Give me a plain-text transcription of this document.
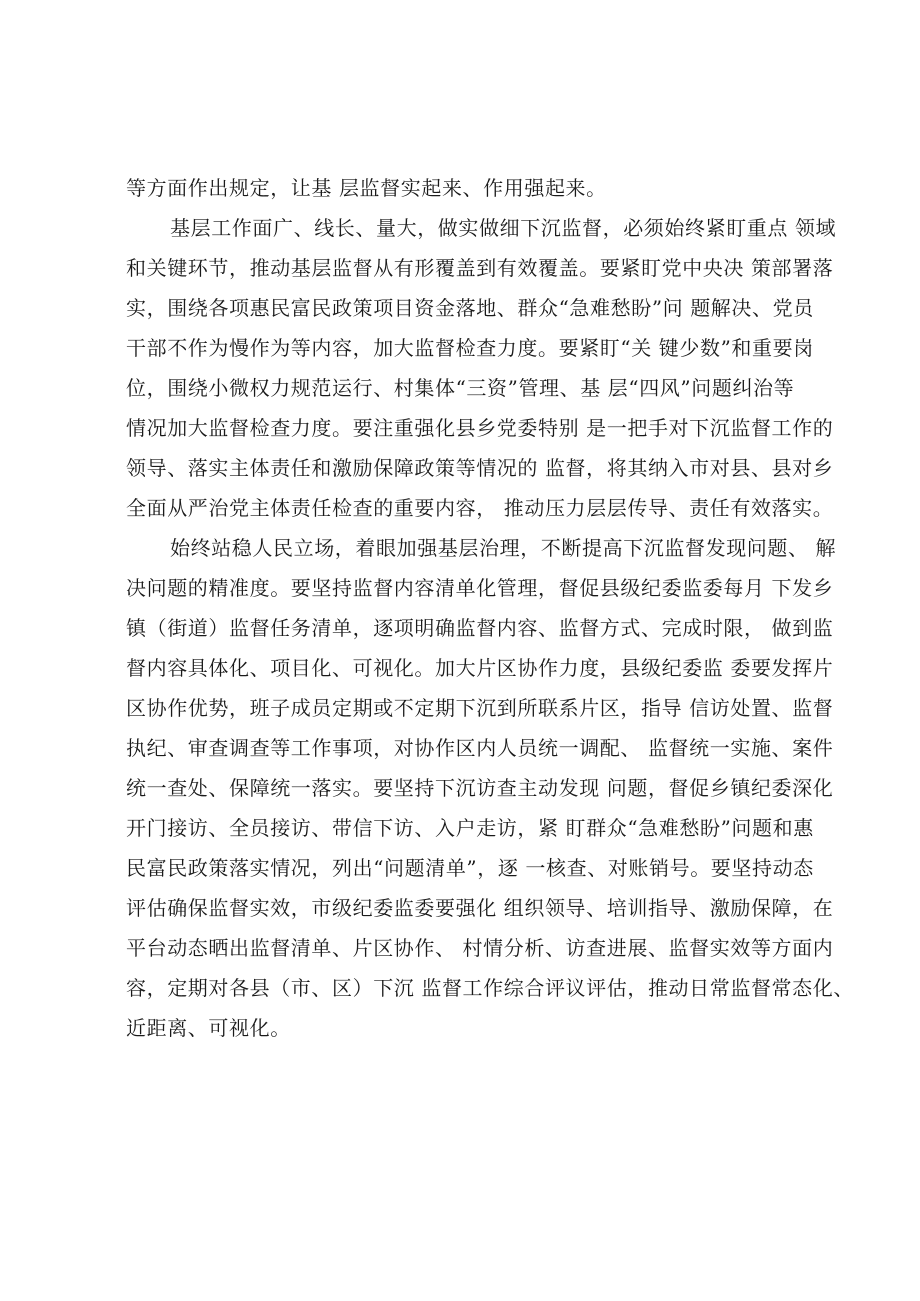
等方面作出规定，让基 层监督实起来、作用强起来。
基层工作面广、线长、量大，做实做细下沉监督，必须始终紧盯重点 领域
和关键环节，推动基层监督从有形覆盖到有效覆盖。要紧盯党中央决 策部署落
实，围绕各项惠民富民政策项目资金落地、群众“急难愁盼”问 题解决、党员
干部不作为慢作为等内容，加大监督检查力度。要紧盯“关 键少数”和重要岗
位，围绕小微权力规范运行、村集体“三资”管理、基 层“四风”问题纠治等
情况加大监督检查力度。要注重强化县乡党委特别 是一把手对下沉监督工作的
领导、落实主体责任和激励保障政策等情况的 监督，将其纳入市对县、县对乡
全面从严治党主体责任检查的重要内容， 推动压力层层传导、责任有效落实。
始终站稳人民立场，着眼加强基层治理，不断提高下沉监督发现问题、 解
决问题的精准度。要坚持监督内容清单化管理，督促县级纪委监委每月 下发乡
镇（街道）监督任务清单，逐项明确监督内容、监督方式、完成时限， 做到监
督内容具体化、项目化、可视化。加大片区协作力度，县级纪委监 委要发挥片
区协作优势，班子成员定期或不定期下沉到所联系片区，指导 信访处置、监督
执纪、审查调查等工作事项，对协作区内人员统一调配、 监督统一实施、案件
统一查处、保障统一落实。要坚持下沉访查主动发现 问题，督促乡镇纪委深化
开门接访、全员接访、带信下访、入户走访，紧 盯群众“急难愁盼”问题和惠
民富民政策落实情况，列出“问题清单”，逐 一核查、对账销号。要坚持动态
评估确保监督实效，市级纪委监委要强化 组织领导、培训指导、激励保障，在
平台动态晒出监督清单、片区协作、 村情分析、访查进展、监督实效等方面内
容，定期对各县（市、区）下沉 监督工作综合评议评估，推动日常监督常态化、
近距离、可视化。
